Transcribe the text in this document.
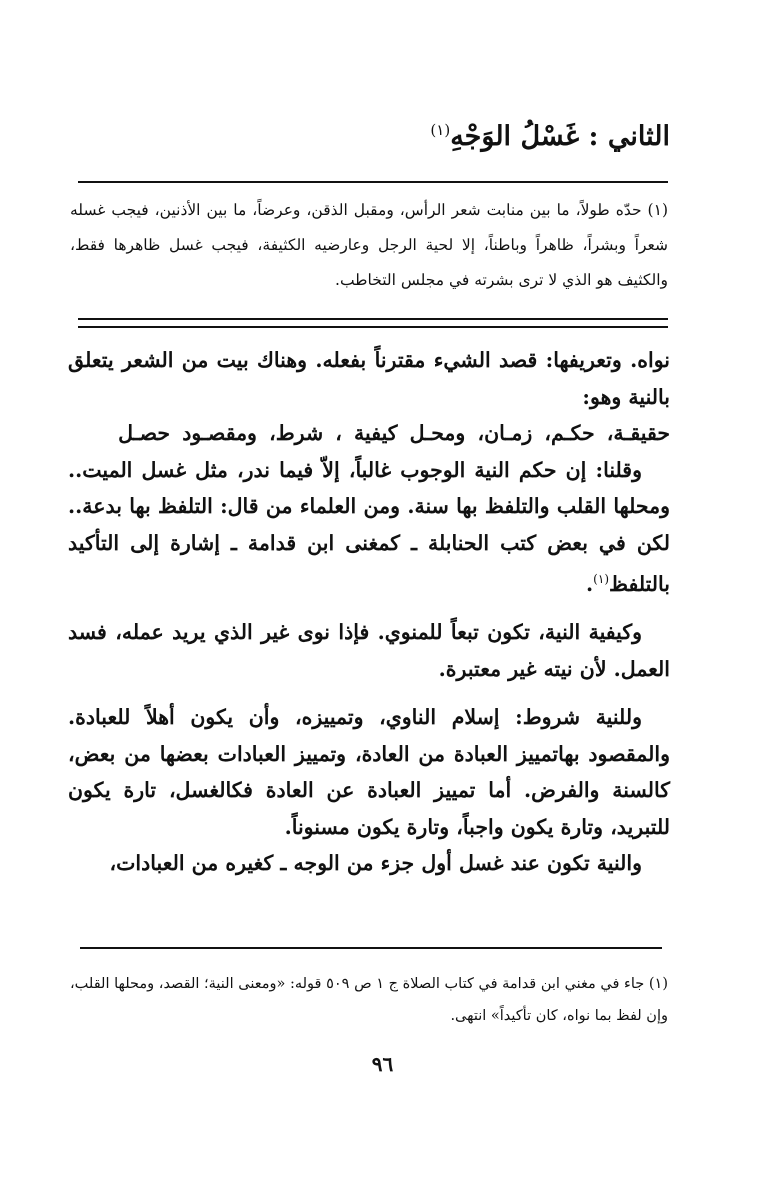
الثاني : غَسْلُ الوَجْهِ$^{(١)}$
(١) حدّه طولاً، ما بين منابت شعر الرأس، ومقبل الذقن، وعرضاً، ما بين الأذنين، فيجب غسله شعراً وبشراً، ظاهراً وباطناً، إلا لحية الرجل وعارضيه الكثيفة، فيجب غسل ظاهرها فقط، والكثيف هو الذي لا ترى بشرته في مجلس التخاطب.

نواه. وتعريفها: قصد الشيء مقترناً بفعله. وهناك بيت من الشعر يتعلق بالنية وهو:

حقيقـة، حكـم، زمـان، ومحـل كيفية ، شرط، ومقصـود حصـل

وقلنا: إن حكم النية الوجوب غالباً، إلاّ فيما ندر، مثل غسل الميت.. ومحلها القلب والتلفظ بها سنة. ومن العلماء من قال: التلفظ بها بدعة.. لكن في بعض كتب الحنابلة ـ كمغنى ابن قدامة ـ إشارة إلى التأكيد بالتلفظ$^{(١)}$.

وكيفية النية، تكون تبعاً للمنوي. فإذا نوى غير الذي يريد عمله، فسد العمل. لأن نيته غير معتبرة.

وللنية شروط: إسلام الناوي، وتمييزه، وأن يكون أهلاً للعبادة. والمقصود بهاتمييز العبادة من العادة، وتمييز العبادات بعضها من بعض، كالسنة والفرض. أما تمييز العبادة عن العادة فكالغسل، تارة يكون للتبريد، وتارة يكون واجباً، وتارة يكون مسنوناً.

والنية تكون عند غسل أول جزء من الوجه ـ كغيره من العبادات،

(١) جاء في مغني ابن قدامة في كتاب الصلاة ج ١ ص ٥٠٩ قوله: «ومعنى النية؛ القصد، ومحلها القلب، وإن لفظ بما نواه، كان تأكيداً» انتهى.
٩٦
